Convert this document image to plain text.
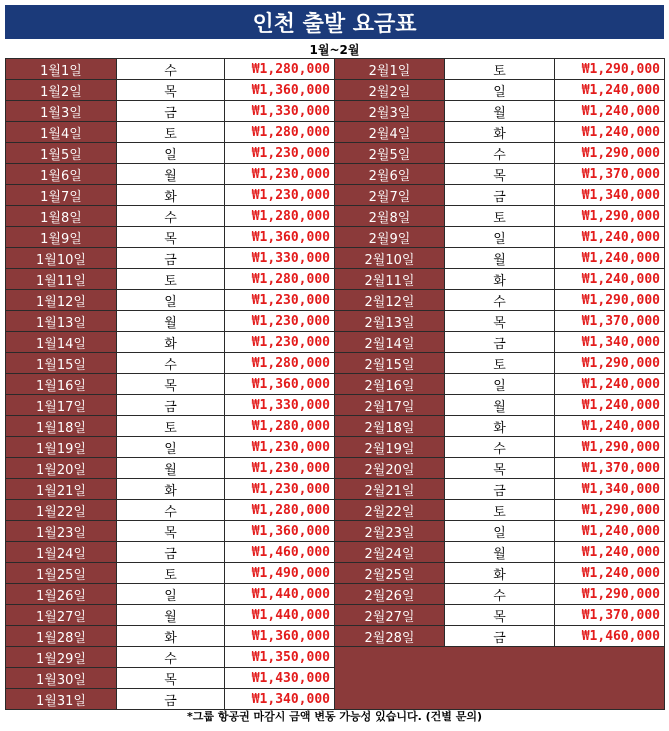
인천 출발 요금표
1월~2월
1월1일	수	₩1,280,000	2월1일	토	₩1,290,000
1월2일	목	₩1,360,000	2월2일	일	₩1,240,000
1월3일	금	₩1,330,000	2월3일	월	₩1,240,000
1월4일	토	₩1,280,000	2월4일	화	₩1,240,000
1월5일	일	₩1,230,000	2월5일	수	₩1,290,000
1월6일	월	₩1,230,000	2월6일	목	₩1,370,000
1월7일	화	₩1,230,000	2월7일	금	₩1,340,000
1월8일	수	₩1,280,000	2월8일	토	₩1,290,000
1월9일	목	₩1,360,000	2월9일	일	₩1,240,000
1월10일	금	₩1,330,000	2월10일	월	₩1,240,000
1월11일	토	₩1,280,000	2월11일	화	₩1,240,000
1월12일	일	₩1,230,000	2월12일	수	₩1,290,000
1월13일	월	₩1,230,000	2월13일	목	₩1,370,000
1월14일	화	₩1,230,000	2월14일	금	₩1,340,000
1월15일	수	₩1,280,000	2월15일	토	₩1,290,000
1월16일	목	₩1,360,000	2월16일	일	₩1,240,000
1월17일	금	₩1,330,000	2월17일	월	₩1,240,000
1월18일	토	₩1,280,000	2월18일	화	₩1,240,000
1월19일	일	₩1,230,000	2월19일	수	₩1,290,000
1월20일	월	₩1,230,000	2월20일	목	₩1,370,000
1월21일	화	₩1,230,000	2월21일	금	₩1,340,000
1월22일	수	₩1,280,000	2월22일	토	₩1,290,000
1월23일	목	₩1,360,000	2월23일	일	₩1,240,000
1월24일	금	₩1,460,000	2월24일	월	₩1,240,000
1월25일	토	₩1,490,000	2월25일	화	₩1,240,000
1월26일	일	₩1,440,000	2월26일	수	₩1,290,000
1월27일	월	₩1,440,000	2월27일	목	₩1,370,000
1월28일	화	₩1,360,000	2월28일	금	₩1,460,000
1월29일	수	₩1,350,000			
1월30일	목	₩1,430,000			
1월31일	금	₩1,340,000			
*그룹 항공권 마감시 금액 변동 가능성 있습니다. (건별 문의)
